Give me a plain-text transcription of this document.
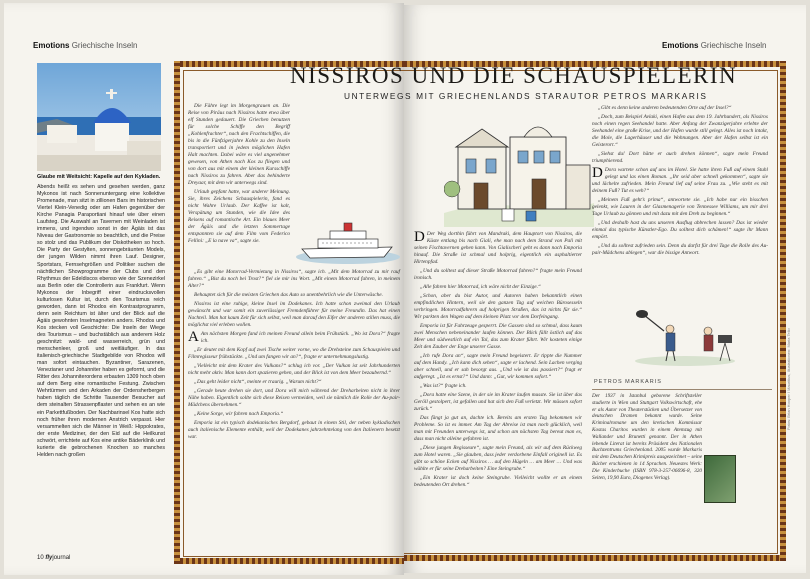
Emotions Griechische Inseln
Glaube mit Weitsicht: Kapelle auf den Kykladen.

Abends heißt es sehen und gesehen werden, ganz Mykonos ist nach Sonnenuntergang eine kollektive Promenade, man sitzt in zillionen Bars im historischen Viertel Klein-Venedig oder am Hafen gegenüber der Kirche Panagia Paraportiani hinauf wie über einen Laufsteg. Die Auswahl an Tavernen mit Weinladen ist immens, und irgendwo sonst in der Ägäis ist das Niveau der Gastronomie so beachtlich, und die Preise so stolz und das Publikum der Diskotheken so hoch. Die Party der Gestylten, sonnengebräunten Models, der jungen Wilden nimmt ihren Lauf. Designer, Sportstars, Fernsehgrößen und Politiker suchen die nächtlichen Showprogramme der Clubs und den Rhythmus der Edeldiscos ebenso wie der Szenezirkel aus Berlin oder die Controllerin aus Frankfurt. Wenn Mykonos der Inbegriff einer eindrucksvollen kulturlosen Kultur ist, durch den Tourismus reich geworden, dann ist Rhodos ein Kontrastprogramm, denn sein Reichtum ist älter und der Blick auf die Ägäis gewohnten Inselmagneten anders. Rhodos und Kos stecken voll Geschichte: Die Inseln der Wiege des Tourismus – und buchstäblich aus anderem Holz geschnitzt: wald- und wasserreich, grün und menschenleer, groß und weitläufiger. In das italienisch-griechische Stadtgebilde von Rhodos will man sofort eintauchen. Byzantiner, Sarazenen, Venezianer und Johanniter haben es geformt, und die Ritter des Johanniterordens erbauten 1309 hoch oben auf dem Berg eine romantische Festung. Zwischen Wehrtürmen und den Arkaden der Ordensherbergen haben täglich die Schritte Tausender Besucher auf dem steinalten Strassenpflaster und sehen es an wie ein Parkettfußboden. Der Nachbarinsel Kos hatte sich noch früher ihren modernen Anstrich verpasst. Hier versammelten sich die Männer in Weiß: Hippokrates, der erste Mediziner, der den Eid auf die Heilkunst schwört, errichtete auf Kos eine antike Bäderklinik und kurierte die gebrochenen Knochen so manches Helden nach großen

10 flyjournal

Die Fähre legt im Morgengrauen an. Die Reise von Piräus nach Nissiros hatte etwa über elf Stunden gedauert. Die Griechen benutzen für solche Schiffe den Begriff „Kohlenfrachter“, nach den Frachtschiffen, die bis in die Fünfzigerjahre Kohle zu den Inseln transportiert und in jedem möglichen Hafen Halt machten. Dabei wäre es viel angenehmer gewesen, von Athen nach Kos zu fliegen und von dort aus mit einem der kleinen Kursschiffe nach Nissiros zu fahren. Aber das behinderte Dreyaar, mit dem wir unterwegs sind.

Urlaub gepfant hatte, war anderer Meinung. Sie, ihres Zeichens Schauspielerin, fand es nicht Wahre Urlaub. Der Kaffee ist kalt, Verspätung um Stunden, wie die Idee des Reisens auf romantische Art. Ein blaues Meer der Ägäis und die letzten Sommertage entspannten sie auf dem Film vom Federico Fellini: „E la nave va“, sagte sie.

„Es gibt eine Motorrad-Vermietung in Nissiros“, sagte ich. „Mit dem Motorrad zu mir rauf fahren.“ „Bist du noch bei Trost?“ fiel sie mir ins Wort. „Mit einem Motorrad fahren, in meinem Alter?“

Behauptet sich für die meisten Griechen das Auto so unentbehrlich wie die Unterwäsche.

Nissiros ist eine ruhige, kleine Insel im Dodekanes. Ich hatte schon zweimal den Urlaub gewünscht und war somit ein zuverlässiger Fremdenführer für meine Freundin. Das hat einen Nachteil. Man hat kaum Zeit für sich selbst, weil man darauf den Eifer der anderen stillen muss, die möglichst viel erleben wollen.

A Am nächsten Morgen fand ich meinen Freund allein beim Frühstück. „Wo ist Dora?“ fragte ich.

„Er deutet mit dem Kopf auf zwei Tische weiter vorne, wo die Drehsteine zum Schauspielen und Filmregisseur frühstückte. „Und um fangen wir an?“, fragte er unternehmungslustig.

„Vielleicht mit dem Krater des Vulkans?“ schlug ich vor. „Der Vulkan ist seit Jahrhunderten nicht mehr aktiv. Man kann dort spazieren gehen, und der Blick ist von dem Meer bezaubernd.“

„Das geht leider nicht“, meinte er traurig. „Warum nicht?“

„Gerade heute drehen sie dort, und Dora will mich während der Dreharbeiten nicht in ihrer Nähe haben. Eigentlich sollte sich diese Reisen vermeiden, weil sie nämlich die Rolle der Au-pair-Mädchens übernehmen.“

„Keine Sorge, wir fahren nach Emporia.“

Emporia ist ein typisch dodekanisches Bergdorf, gebaut in einem Stil, der neben kykladischen auch italienische Elemente enthält, weil der Dodekanes jahrzehntelang von den Italienern besetzt war.

Emotions Griechische Inseln

D Der Weg dorthin führt von Mandraki, dem Hauptort von Nissiros, die Küste entlang bis nach Giali, ehe man nach dem Strand von Pali mit seinen Fischtavernen gehen kann. Von Gialischeri geht es dann nach Emporia hinauf. Die Straße ist schmal und holprig, eigentlich ein asphaltierter Hirtenpfad.

„Und du solltest auf dieser Straße Motorrad fahren?“ fragte mein Freund ironisch.

„Alle fahren hier Motorrad, ich wäre nicht der Einzige.“

„Schon, aber du bist Autor, und Autoren haben bekanntlich einen empfindlichen Hintern, weil sie den ganzen Tag auf weichen Bürosesseln verbringen. Motorradfahrern auf holprigen Straßen, das ist nichts für sie.“ Wir parkten den Wagen auf dem kleinen Platz vor dem Dorfeingang.

Emporia ist für Fahrzeuge gesperrt. Die Gassen sind so schmal, dass kaum zwei Menschen nebeneinander laufen können. Der Blick fällt östlich auf das Meer und südwestlich auf ein Tal, das zum Krater führt. Wir kosteten einige Zeit den Zauber der Enge unserer Gasse.

„Ich rufe Dora an“, sagte mein Freund begeistert. Er tippte die Nummer auf dem Handy. „Ich kann dich sehen“, sagte er lachend. Sein Lachen verging aber schnell, und er sah besorgt aus. „Und wie ist das passiert?“ fragt er aufgeregt. „Ist es ernst?“ Und dann: „Gut, wir kommen sofort.“

„Was ist?“ fragte ich.

„Dora hatte eine Szene, in der sie im Krater laufen musste. Sie ist über das Geröll gestolpert, ist gefallen und hat sich den Fuß verletzt. Wir müssen sofort zurück.“

Das fängt ja gut an, dachte ich. Bereits am ersten Tag bekommen wir Probleme. So ist es immer. Am Tag der Abreise ist man noch glücklich, weil man mit Freunden unterwegs ist, und schon am nächsten Tag bereut man es, dass man nicht alleine gefahren ist.

„Diese jungen Regisseure“, sagte mein Freund, als wir auf dem Rückweg zum Hotel waren. „Sie glauben, dass jeder verdorbene Einfall originell ist. Es gibt so schöne Ecken auf Nissiros … auf den Hügeln … am Meer … Und was wählte er für seine Dreharbeiten? Eine Steingrube.“

„Ein Krater ist doch keine Steingrube. Vielleicht wollte er an einem bedeutenden Ort drehen.“

„Gibt es denn keine anderen bedeutenden Orte auf der Insel?“

„Doch, zum Beispiel Avlaki, einen Hafen aus dem 19. Jahrhundert, als Nissiros noch einen regen Seehandel hatte. Aber Anfang der Zwanzigerjahre erlebte der Seehandel eine große Krise, und der Hafen wurde still gelegt. Alles ist noch intakt, die Mole, die Lagerhäuser und die Wohnungen. Aber der Hafen selbst ist ein Geisterort.“

„Siehst du! Dort hätte er auch drehen können“, sagte mein Freund triumphierend.

D Dora wartete schon auf uns im Hotel. Sie hatte ihren Fuß auf einem Stuhl gelegt und las einen Roman. „Ihr seid aber schnell gekommen“, sagte sie und lächelte zufrieden. Mein Freund lief auf seine Frau zu. „Wie steht es mit deinem Fuß? Tut es weh?“

„Meinem Fuß geht’s prima“, antwortete sie. „Ich habe nur ein bisschen gelenkt, wie Lauren in der Glasmenagerie von Tennessee Williams, um mir drei Tage Urlaub zu gönnen und mit dazu mit den Dreh zu beginnen.“

„Und deshalb hast du uns unseren Ausflug abbrechen lassen? Das ist wieder einmal das typische Künstler-Ego. Du solltest dich schämen!“ sagte ihr Mann empört.

„Und du solltest zufrieden sein. Denn du darfst für drei Tage die Rolle des Au-pair-Mädchens ablegen“, war die bissige Antwort.

PETROS MARKARIS
Der 1937 in Istanbul geborene Schriftsteller studierte in Wien und Stuttgart Volkswirtschaft, ehe er als Autor von Theaterstücken und Übersetzer von deutschen Dramen bekannt wurde. Seine Kriminalromane um den kretischen Kommissar Kostas Charitos wurden in einem Atemzug mit Wallander und Brunetti genannt. Der in Athen lebende Literat ist bereits Präsident des Nationalen Buchzentrums Griechenland. 2005 wurde Markaris mit dem Deutschen Krimipreis ausgezeichnet – seine Bücher erschienen in 14 Sprachen. Neuestes Werk: Die Kinderbuche (ISBN 978-3-257-06696-8, 320 Seiten, 19,90 Euro, Diogenes Verlag).
NISSIROS UND DIE SCHAUSPIELERIN
UNTERWEGS MIT GRIECHENLANDS STARAUTOR PETROS MARKARIS
Fotos: Brian Hooper / Mauritius, Illustrationen: Maria Tello
